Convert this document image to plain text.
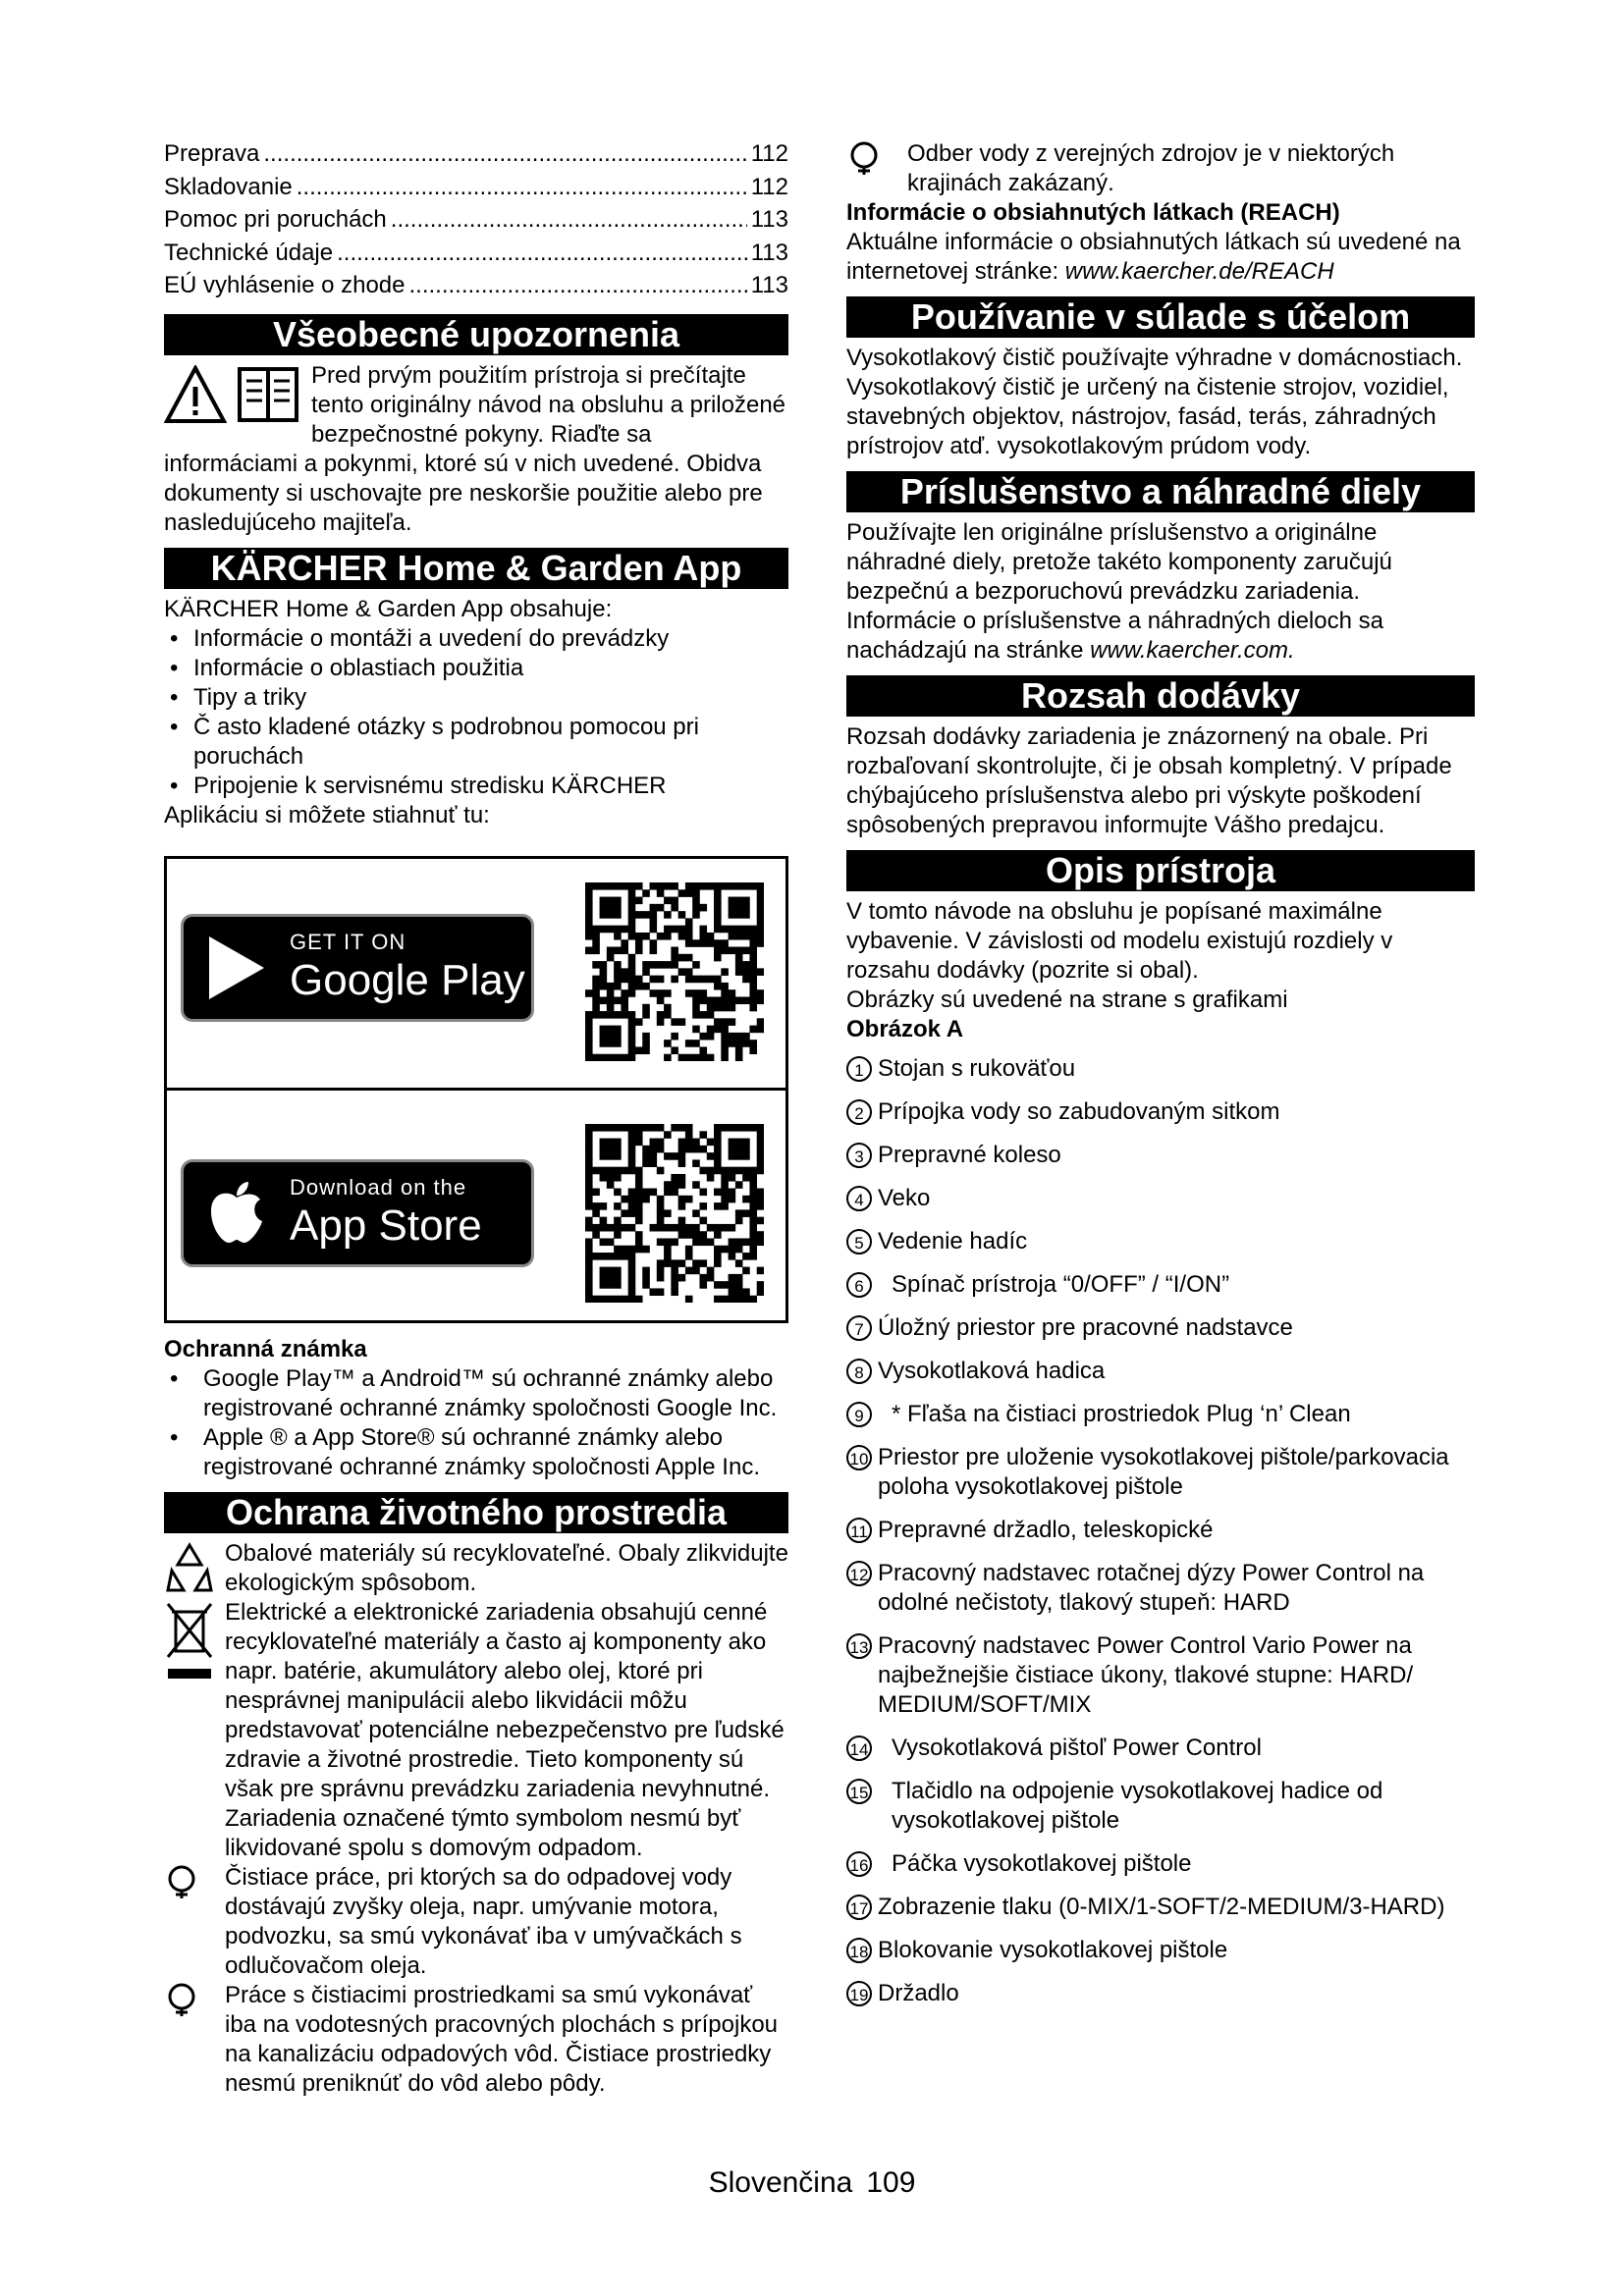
Preprava .....	112
Skladovanie .....	112
Pomoc pri poruchách .....	113
Technické údaje .....	113
EÚ vyhlásenie o zhode .....	113
Všeobecné upozornenia

Pred prvým použitím prístroja si prečítajte tento originálny návod na obsluhu a priložené bezpečnostné pokyny. Riaďte sa informáciami a pokynmi, ktoré sú v nich uvedené. Obidva dokumenty si uschovajte pre neskoršie použitie alebo pre nasledujúceho majiteľa.

KÄRCHER Home & Garden App

KÄRCHER Home & Garden App obsahuje:

• Informácie o montáži a uvedení do prevádzky
• Informácie o oblastiach použitia
• Tipy a triky
• Č asto kladené otázky s podrobnou pomocou pri poruchách
• Pripojenie k servisnému stredisku KÄRCHER

Aplikáciu si môžete stiahnuť tu:

GET IT ON
Google Play
Download on the
App Store

Ochranná známka

• Google Play™ a Android™ sú ochranné známky alebo registrované ochranné známky spoločnosti Google Inc.
• Apple ® a App Store® sú ochranné známky alebo registrované ochranné známky spoločnosti Apple Inc.
Ochrana životného prostredia

Obalové materiály sú recyklovateľné. Obaly zlikvidujte ekologickým spôsobom.

Elektrické a elektronické zariadenia obsahujú cenné recyklovateľné materiály a často aj komponenty ako napr. batérie, akumulátory alebo olej, ktoré pri nesprávnej manipulácii alebo likvidácii môžu predstavovať potenciálne nebezpečenstvo pre ľudské zdravie a životné prostredie. Tieto komponenty sú však pre správnu prevádzku zariadenia nevyhnutné. Zariadenia označené týmto symbolom nesmú byť likvidované spolu s domovým odpadom.

Čistiace práce, pri ktorých sa do odpadovej vody dostávajú zvyšky oleja, napr. umývanie motora, podvozku, sa smú vykonávať iba v umývačkách s odlučovačom oleja.

Práce s čistiacimi prostriedkami sa smú vykonávať iba na vodotesných pracovných plochách s prípojkou na kanalizáciu odpadových vôd. Čistiace prostriedky nesmú preniknúť do vôd alebo pôdy.

Odber vody z verejných zdrojov je v niektorých krajinách zakázaný.

Informácie o obsiahnutých látkach (REACH)

Aktuálne informácie o obsiahnutých látkach sú uvedené na internetovej stránke: www.kaercher.de/REACH

Používanie v súlade s účelom

Vysokotlakový čistič používajte výhradne v domácnostiach.

Vysokotlakový čistič je určený na čistenie strojov, vozidiel, stavebných objektov, nástrojov, fasád, terás, záhradných prístrojov atď. vysokotlakovým prúdom vody.

Príslušenstvo a náhradné diely

Používajte len originálne príslušenstvo a originálne náhradné diely, pretože takéto komponenty zaručujú bezpečnú a bezporuchovú prevádzku zariadenia.

Informácie o príslušenstve a náhradných dieloch sa nachádzajú na stránke www.kaercher.com.

Rozsah dodávky

Rozsah dodávky zariadenia je znázornený na obale. Pri rozbaľovaní skontrolujte, či je obsah kompletný. V prípade chýbajúceho príslušenstva alebo pri výskyte poškodení spôsobených prepravou informujte Vášho predajcu.

Opis prístroja

V tomto návode na obsluhu je popísané maximálne vybavenie. V závislosti od modelu existujú rozdiely v rozsahu dodávky (pozrite si obal).

Obrázky sú uvedené na strane s grafikami

Obrázok A

1 Stojan s rukoväťou
2 Prípojka vody so zabudovaným sitkom
3 Prepravné koleso
4 Veko
5 Vedenie hadíc
6	Spínač prístroja “0/OFF” / “I/ON”
7 Úložný priestor pre pracovné nadstavce
8 Vysokotlaková hadica
9	* Fľaša na čistiaci prostriedok Plug ‘n’ Clean
10 Priestor pre uloženie vysokotlakovej pištole/parkovacia poloha vysokotlakovej pištole
11 Prepravné držadlo, teleskopické
12 Pracovný nadstavec rotačnej dýzy Power Control na odolné nečistoty, tlakový stupeň: HARD
13 Pracovný nadstavec Power Control Vario Power na najbežnejšie čistiace úkony, tlakové stupne: HARD/ MEDIUM/SOFT/MIX
14 Vysokotlaková pištoľ Power Control
15 Tlačidlo na odpojenie vysokotlakovej hadice od vysokotlakovej pištole
16 Páčka vysokotlakovej pištole
17 Zobrazenie tlaku (0-MIX/1-SOFT/2-MEDIUM/3-HARD)
18 Blokovanie vysokotlakovej pištole
19 Držadlo
Slovenčina 109
